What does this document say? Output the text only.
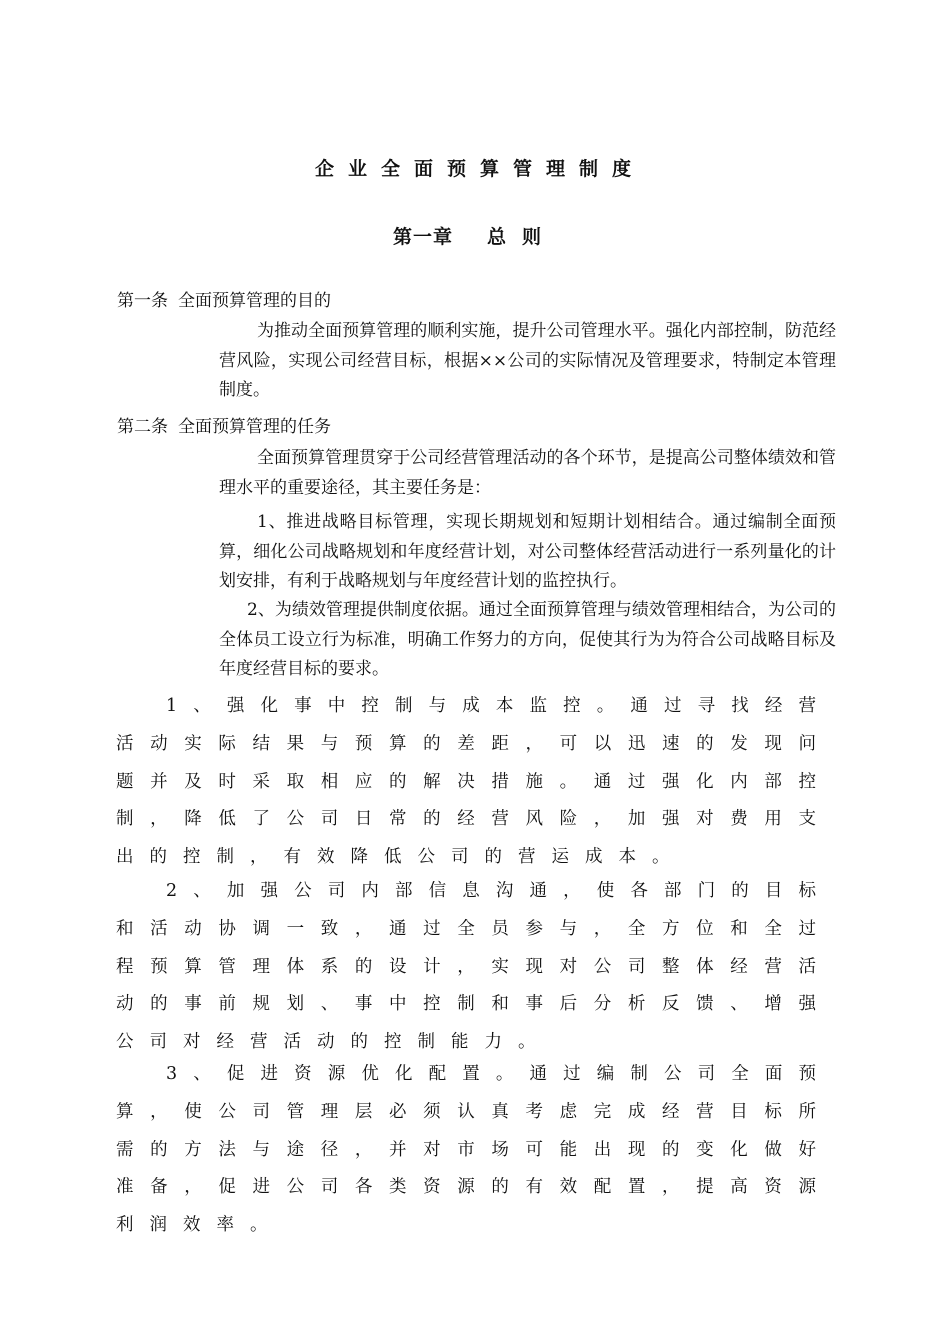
企业全面预算管理制度
第一章 总则
第一条 全面预算管理的目的

为推动全面预算管理的顺利实施，提升公司管理水平。强化内部控制，防范经营风险，实现公司经营目标，根据××公司的实际情况及管理要求，特制定本管理制度。

第二条 全面预算管理的任务

全面预算管理贯穿于公司经营管理活动的各个环节，是提高公司整体绩效和管理水平的重要途径，其主要任务是：

1、推进战略目标管理，实现长期规划和短期计划相结合。通过编制全面预算，细化公司战略规划和年度经营计划，对公司整体经营活动进行一系列量化的计划安排，有利于战略规划与年度经营计划的监控执行。

2、为绩效管理提供制度依据。通过全面预算管理与绩效管理相结合，为公司的全体员工设立行为标准，明确工作努力的方向，促使其行为为符合公司战略目标及年度经营目标的要求。

1、强化事中控制与成本监控。通过寻找经营活动实际结果与预算的差距，可以迅速的发现问题并及时采取相应的解决措施。通过强化内部控制，降低了公司日常的经营风险，加强对费用支出的控制，有效降低公司的营运成本。

2、加强公司内部信息沟通，使各部门的目标和活动协调一致，通过全员参与，全方位和全过程预算管理体系的设计，实现对公司整体经营活动的事前规划、事中控制和事后分析反馈、增强公司对经营活动的控制能力。

3、促进资源优化配置。通过编制公司全面预算，使公司管理层必须认真考虑完成经营目标所需的方法与途径，并对市场可能出现的变化做好准备，促进公司各类资源的有效配置，提高资源利润效率。
